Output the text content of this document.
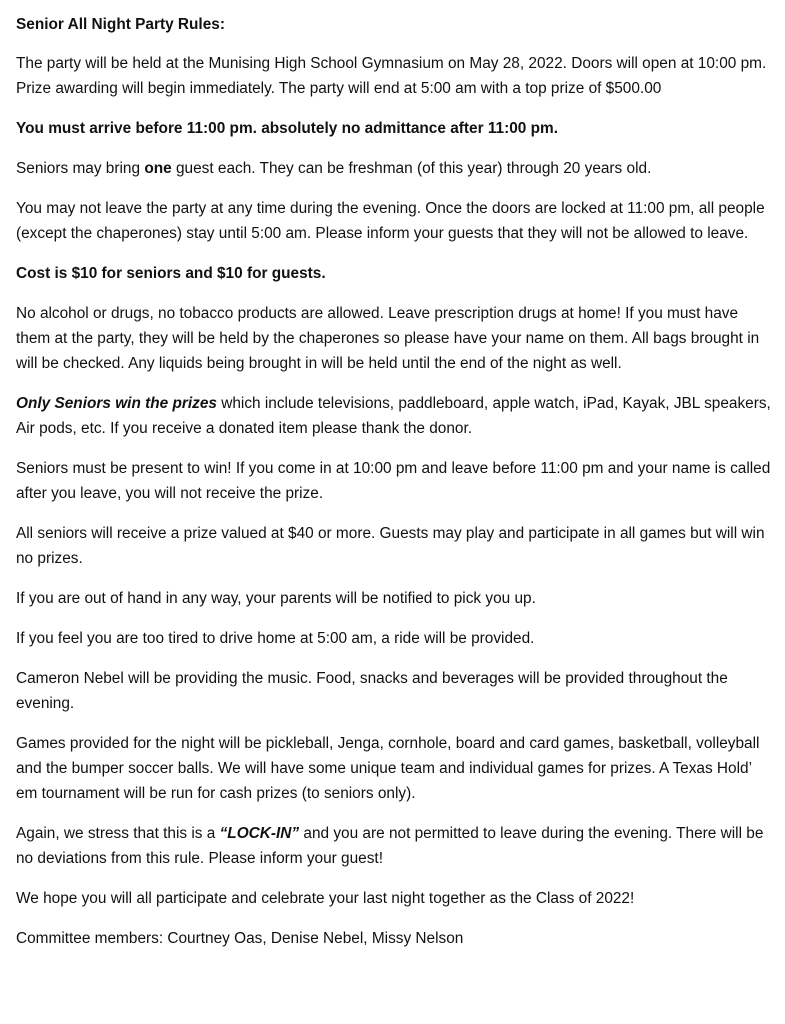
Senior All Night Party Rules:

The party will be held at the Munising High School Gymnasium on May 28, 2022. Doors will open at 10:00 pm. Prize awarding will begin immediately. The party will end at 5:00 am with a top prize of $500.00

You must arrive before 11:00 pm. absolutely no admittance after 11:00 pm.

Seniors may bring one guest each. They can be freshman (of this year) through 20 years old.

You may not leave the party at any time during the evening. Once the doors are locked at 11:00 pm, all people (except the chaperones) stay until 5:00 am. Please inform your guests that they will not be allowed to leave.

Cost is $10 for seniors and $10 for guests.

No alcohol or drugs, no tobacco products are allowed. Leave prescription drugs at home! If you must have them at the party, they will be held by the chaperones so please have your name on them. All bags brought in will be checked. Any liquids being brought in will be held until the end of the night as well.

Only Seniors win the prizes which include televisions, paddleboard, apple watch, iPad, Kayak, JBL speakers, Air pods, etc. If you receive a donated item please thank the donor.

Seniors must be present to win! If you come in at 10:00 pm and leave before 11:00 pm and your name is called after you leave, you will not receive the prize.

All seniors will receive a prize valued at $40 or more. Guests may play and participate in all games but will win no prizes.

If you are out of hand in any way, your parents will be notified to pick you up.

If you feel you are too tired to drive home at 5:00 am, a ride will be provided.

Cameron Nebel will be providing the music. Food, snacks and beverages will be provided throughout the evening.

Games provided for the night will be pickleball, Jenga, cornhole, board and card games, basketball, volleyball and the bumper soccer balls. We will have some unique team and individual games for prizes. A Texas Hold’ em tournament will be run for cash prizes (to seniors only).

Again, we stress that this is a “LOCK-IN” and you are not permitted to leave during the evening. There will be no deviations from this rule. Please inform your guest!

We hope you will all participate and celebrate your last night together as the Class of 2022!

Committee members: Courtney Oas, Denise Nebel, Missy Nelson
